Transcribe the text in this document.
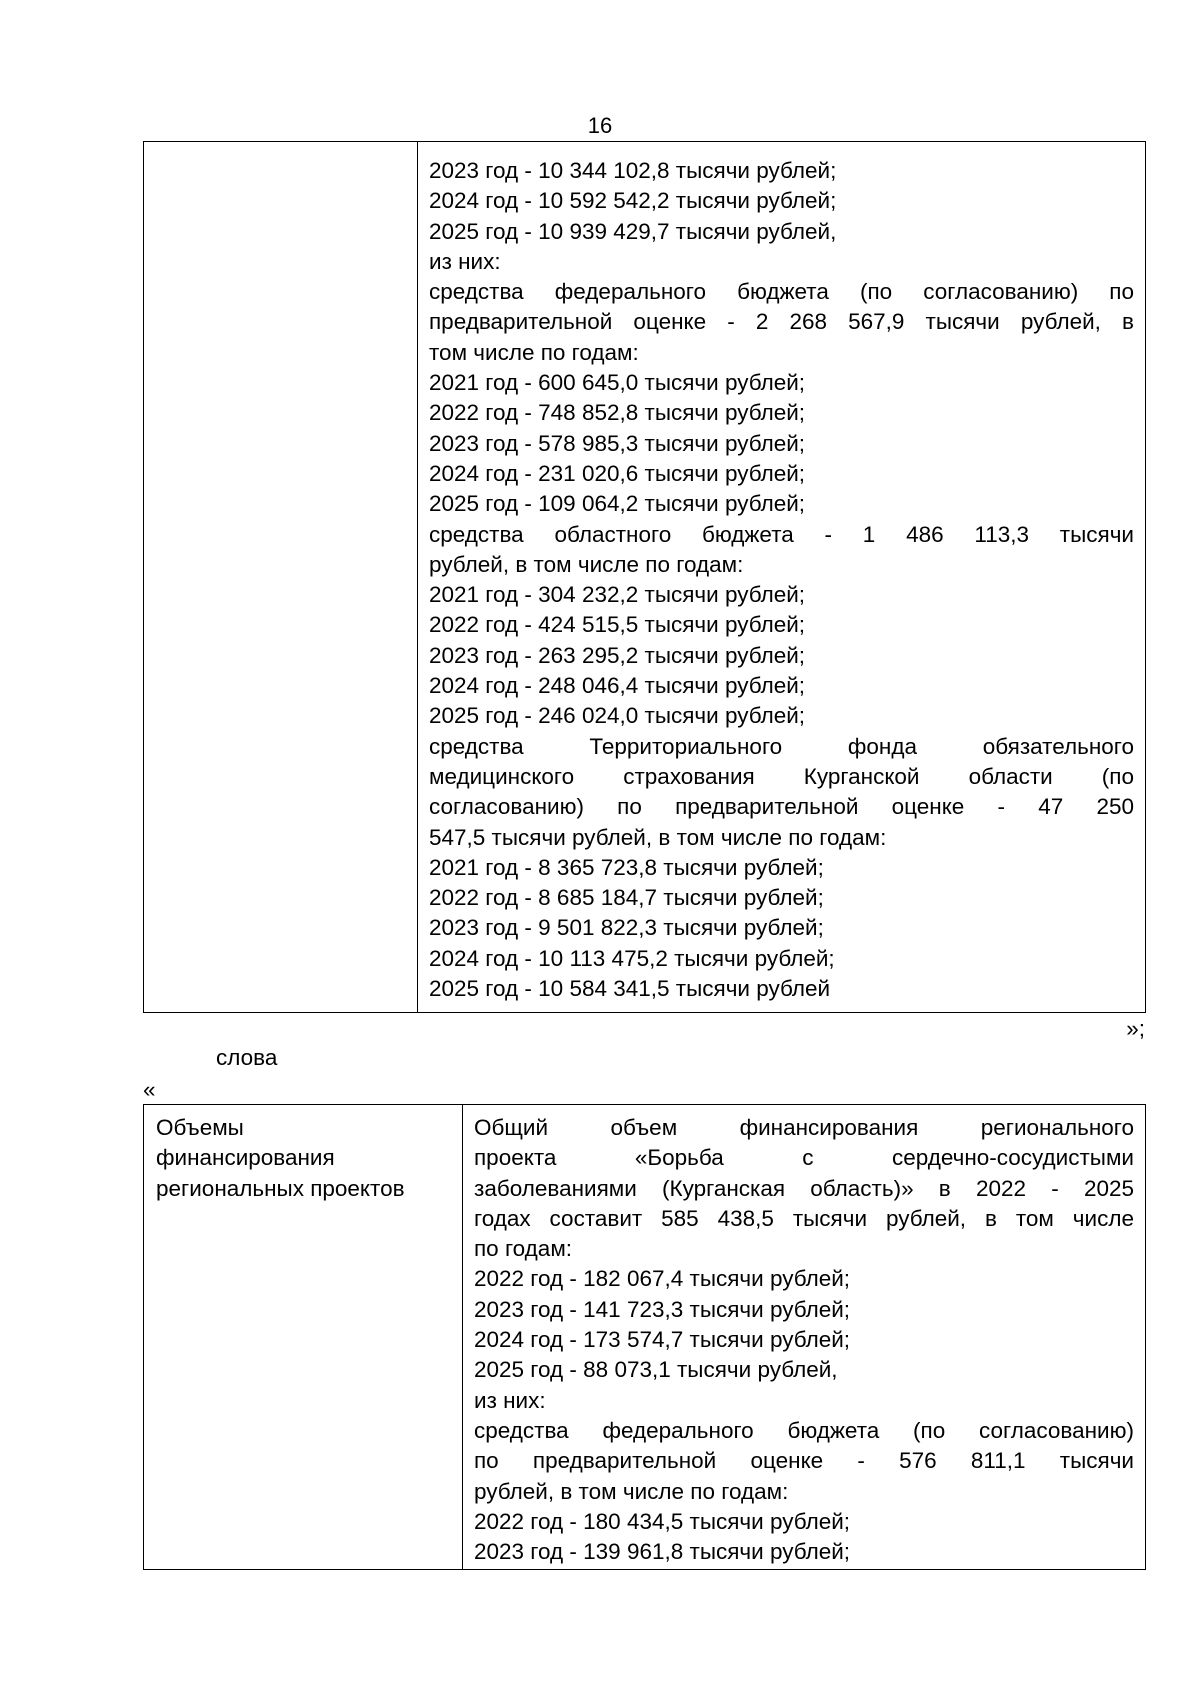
16

2023 год - 10 344 102,8 тысячи рублей;
2024 год - 10 592 542,2 тысячи рублей;
2025 год - 10 939 429,7 тысячи рублей,
из них:
средства федерального бюджета (по согласованию) по
предварительной оценке - 2 268 567,9 тысячи рублей, в
том числе по годам:
2021 год - 600 645,0 тысячи рублей;
2022 год - 748 852,8 тысячи рублей;
2023 год - 578 985,3 тысячи рублей;
2024 год - 231 020,6 тысячи рублей;
2025 год - 109 064,2 тысячи рублей;
средства областного бюджета - 1 486 113,3 тысячи
рублей, в том числе по годам:
2021 год - 304 232,2 тысячи рублей;
2022 год - 424 515,5 тысячи рублей;
2023 год - 263 295,2 тысячи рублей;
2024 год - 248 046,4 тысячи рублей;
2025 год - 246 024,0 тысячи рублей;
средства Территориального фонда обязательного
медицинского страхования Курганской области (по
согласованию) по предварительной оценке - 47 250
547,5 тысячи рублей, в том числе по годам:
2021 год - 8 365 723,8 тысячи рублей;
2022 год - 8 685 184,7 тысячи рублей;
2023 год - 9 501 822,3 тысячи рублей;
2024 год - 10 113 475,2 тысячи рублей;
2025 год - 10 584 341,5 тысячи рублей
»;
слова
«
Объемы
финансирования
региональных проектов

Общий объем финансирования регионального
проекта «Борьба с сердечно-сосудистыми
заболеваниями (Курганская область)» в 2022 - 2025
годах составит 585 438,5 тысячи рублей, в том числе
по годам:
2022 год - 182 067,4 тысячи рублей;
2023 год - 141 723,3 тысячи рублей;
2024 год - 173 574,7 тысячи рублей;
2025 год - 88 073,1 тысячи рублей,
из них:
средства федерального бюджета (по согласованию)
по предварительной оценке - 576 811,1 тысячи
рублей, в том числе по годам:
2022 год - 180 434,5 тысячи рублей;
2023 год - 139 961,8 тысячи рублей;
